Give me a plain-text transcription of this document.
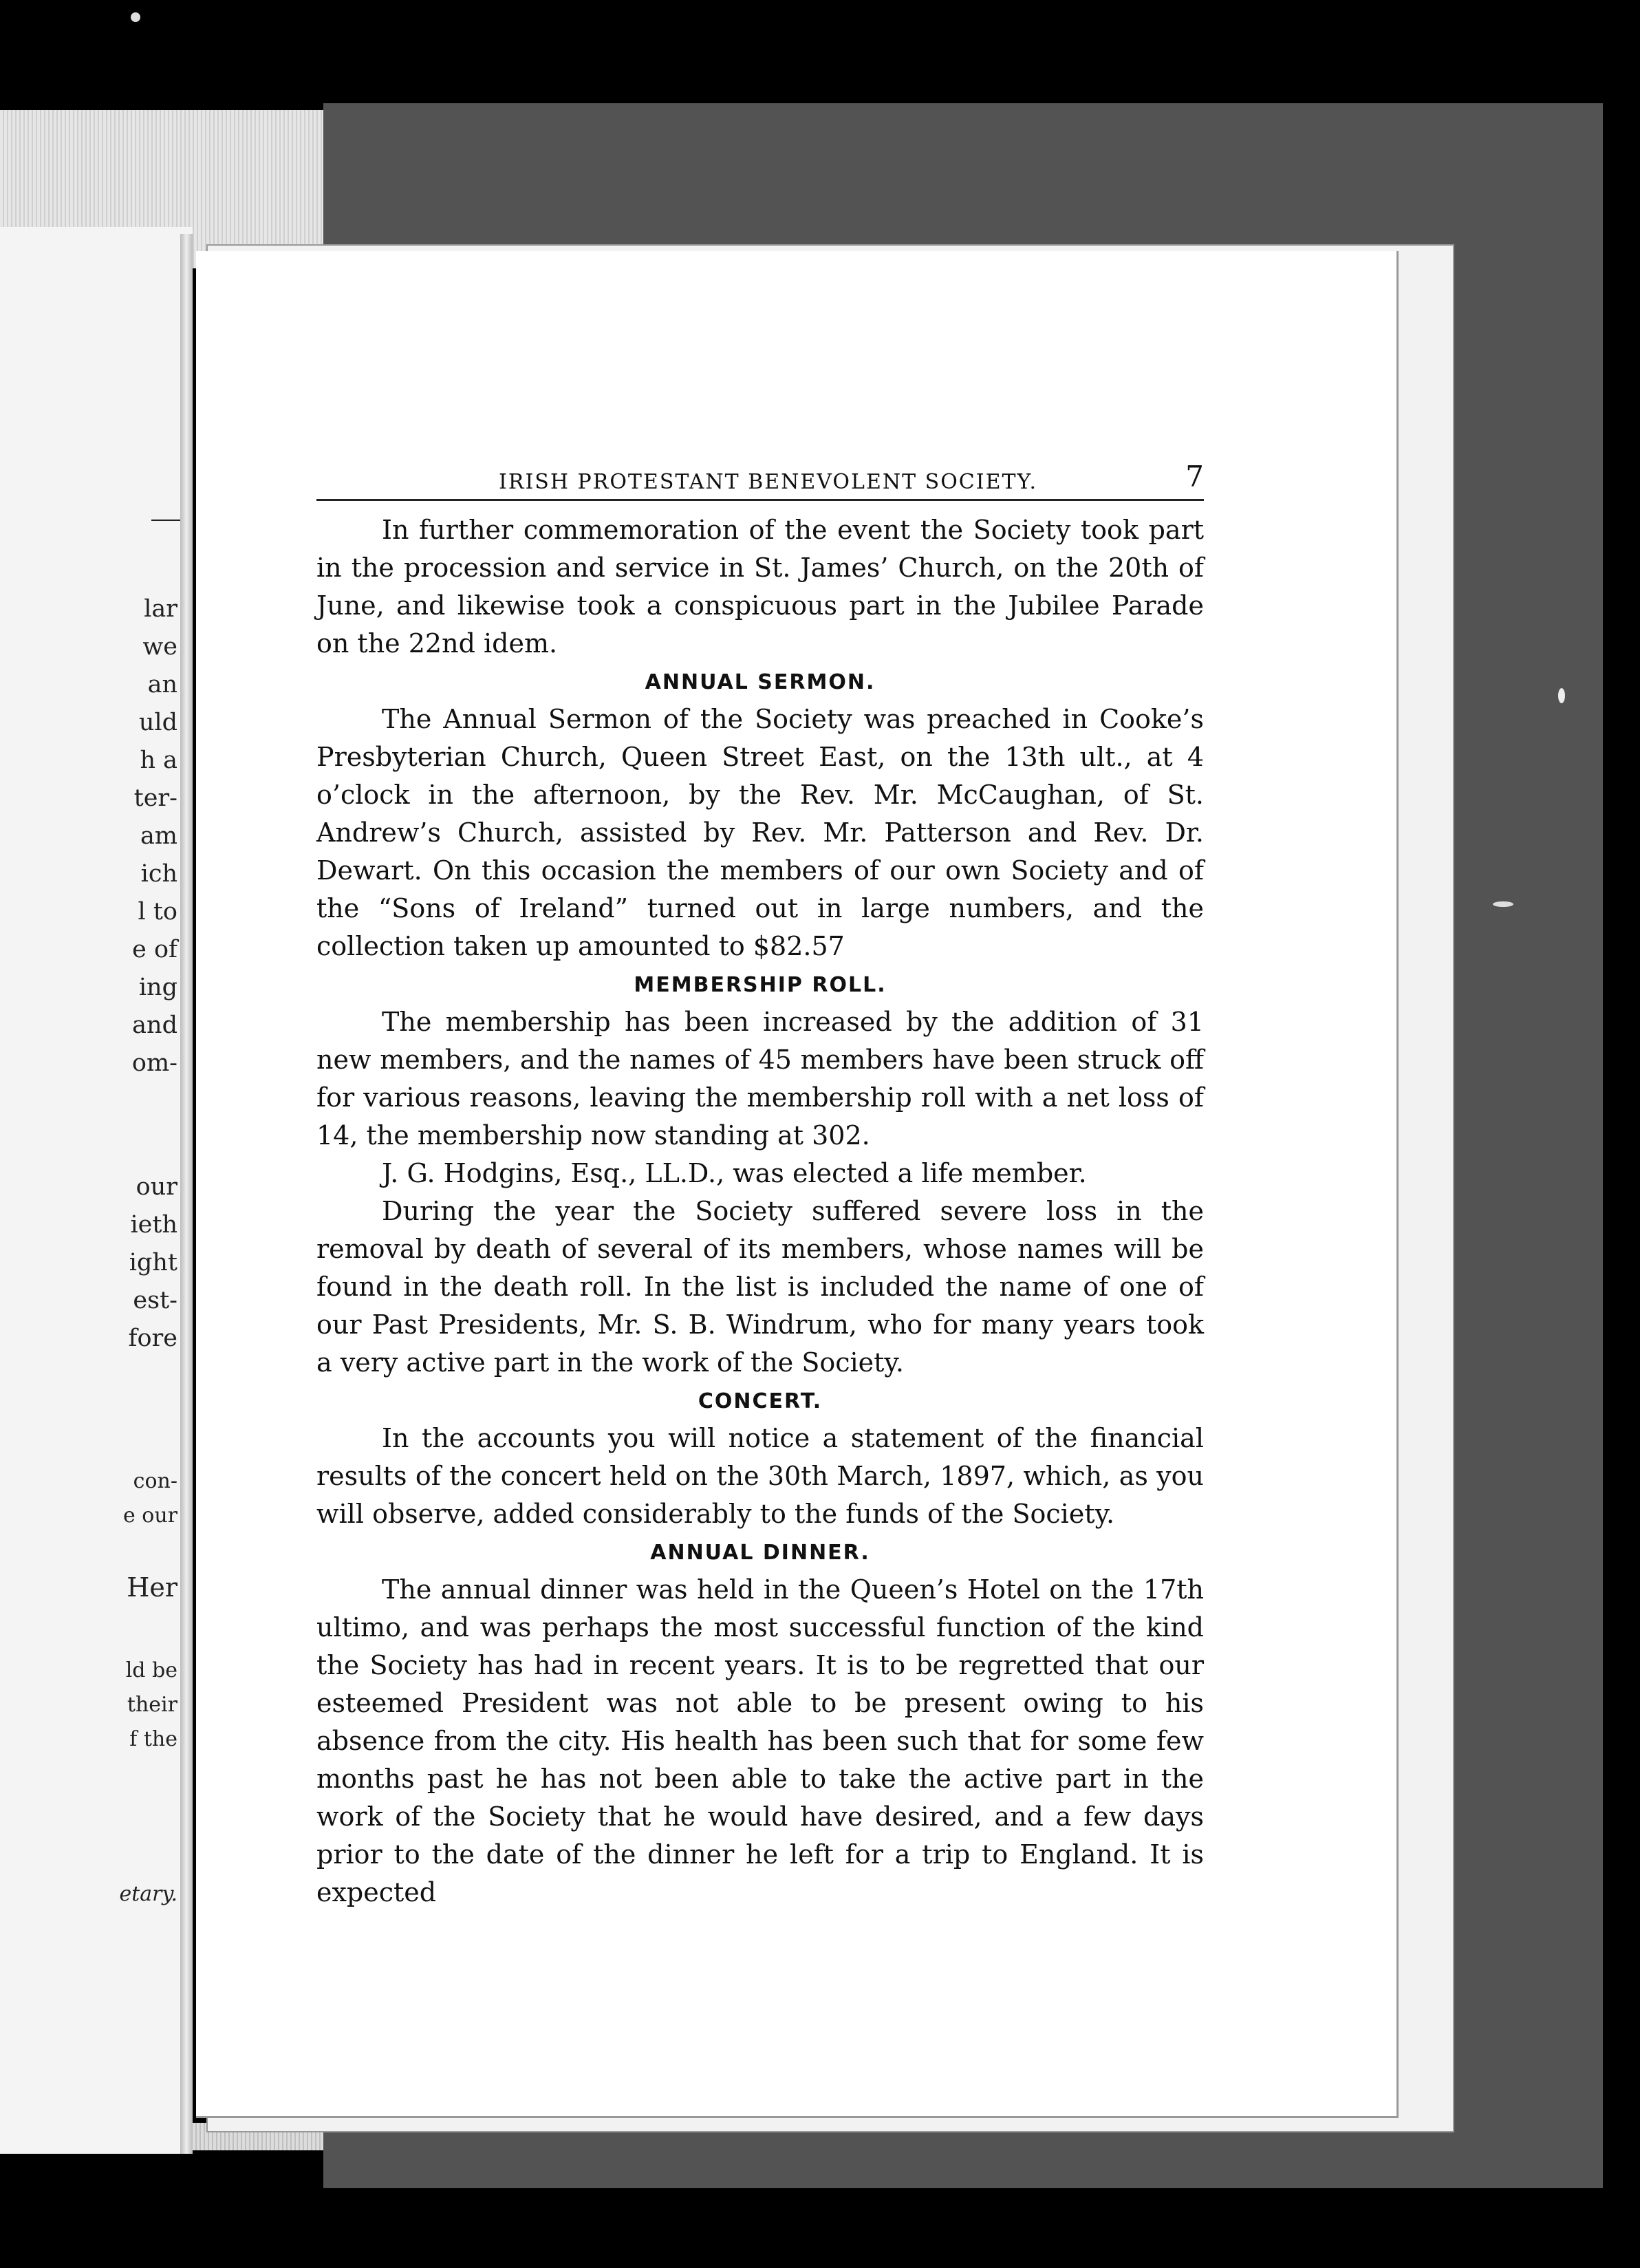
lar
we
an
uld
h a
ter-
am
ich
l to
e of
ing
and
om-
our
ieth
ight
est-
fore
con-
e our
Her
ld be
their
f the
etary.
IRISH PROTESTANT BENEVOLENT SOCIETY.	7

In further commemoration of the event the Society took part in the procession and service in St. James’ Church, on the 20th of June, and likewise took a conspicuous part in the Jubilee Parade on the 22nd idem.

ANNUAL SERMON.

The Annual Sermon of the Society was preached in Cooke’s Presbyterian Church, Queen Street East, on the 13th ult., at 4 o’clock in the afternoon, by the Rev. Mr. McCaughan, of St. Andrew’s Church, assisted by Rev. Mr. Patterson and Rev. Dr. Dewart. On this occasion the members of our own Society and of the “Sons of Ireland” turned out in large numbers, and the collection taken up amounted to $82.57

MEMBERSHIP ROLL.

The membership has been increased by the addition of 31 new members, and the names of 45 members have been struck off for various reasons, leaving the membership roll with a net loss of 14, the membership now standing at 302.

J. G. Hodgins, Esq., LL.D., was elected a life member.

During the year the Society suffered severe loss in the removal by death of several of its members, whose names will be found in the death roll. In the list is included the name of one of our Past Presidents, Mr. S. B. Windrum, who for many years took a very active part in the work of the Society.

CONCERT.

In the accounts you will notice a statement of the financial results of the concert held on the 30th March, 1897, which, as you will observe, added considerably to the funds of the Society.

ANNUAL DINNER.

The annual dinner was held in the Queen’s Hotel on the 17th ultimo, and was perhaps the most successful function of the kind the Society has had in recent years. It is to be regretted that our esteemed President was not able to be present owing to his absence from the city. His health has been such that for some few months past he has not been able to take the active part in the work of the Society that he would have desired, and a few days prior to the date of the dinner he left for a trip to England. It is expected
